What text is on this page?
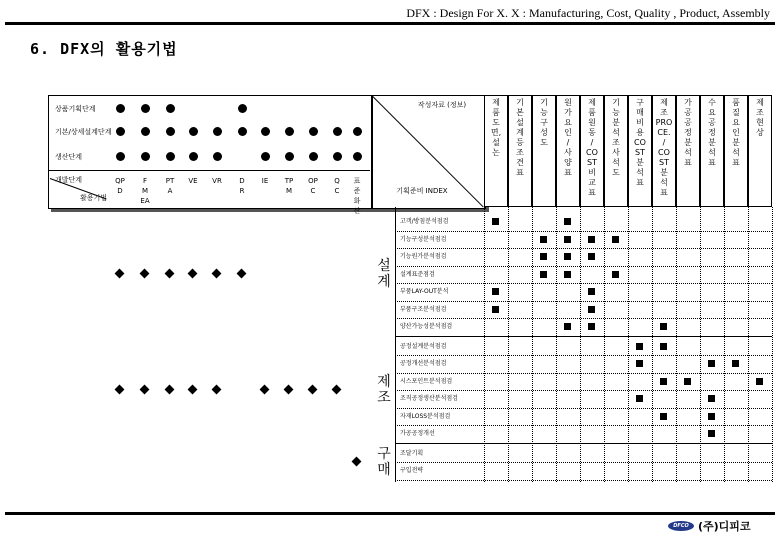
DFX : Design For X. X : Manufacturing, Cost, Quality , Product, Assembly
6. DFX의 활용기법
개발단계
활용기법
작성자료 (정보)
기획준비 INDEX
DFCO (주)디피코
상품기획단계
기본/상세설계단계
생산단계
QPD
FMEA
PTA
VE VR	DR
IE TPM
OPC
QC
표준화산
제
품
도
면,
설
논
기
본
설
계
등
조
견
표
기
능
구
성
도
원
가
요
인
/
사
양
표
제
품
원
동
/
CO
ST
비
교
표
기
능
분
석
조
사
석
도
구
매
비
용
CO
ST
분
석
표
제
조
PRO
CE.
/
CO
ST
분
석
표
가
공
공
정
분
석
표
수
요
공
정
분
석
표
품
질
요
인
분
석
표
제
조
현
상
고객/방침분석점검
기능구성분석점검
기능원가분석점검
설계표준점검
부품LAY-OUT분석
부품구조분석점검
양산가능성분석점검
설
계
공정설계분석점검
공정개선분석점검
시스포인트분석점검
조직공정생산분석점검
자재LOSS분석점검
가공공정개선
제
조
조달기획
구입전략
구
매
